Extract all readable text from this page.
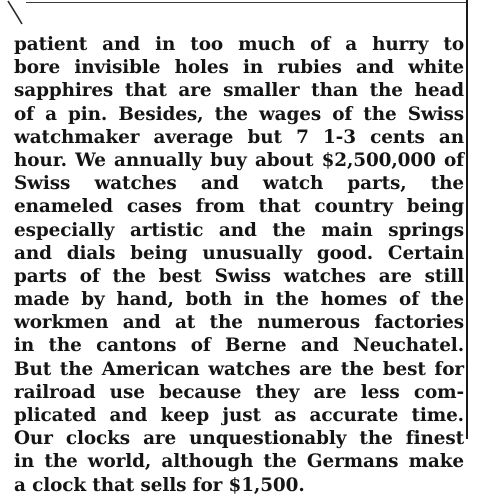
patient and in too much of a hurry to
bore invisible holes in rubies and white
sapphires that are smaller than the head
of a pin. Besides, the wages of the Swiss
watchmaker average but 7 1-3 cents an
hour. We annually buy about $2,500,000 of
Swiss watches and watch parts, the
enameled cases from that country being
especially artistic and the main springs
and dials being unusually good. Certain
parts of the best Swiss watches are still
made by hand, both in the homes of the
workmen and at the numerous factories
in the cantons of Berne and Neuchatel.
But the American watches are the best for
railroad use because they are less com-
plicated and keep just as accurate time.
Our clocks are unquestionably the finest
in the world, although the Germans make
a clock that sells for $1,500.
